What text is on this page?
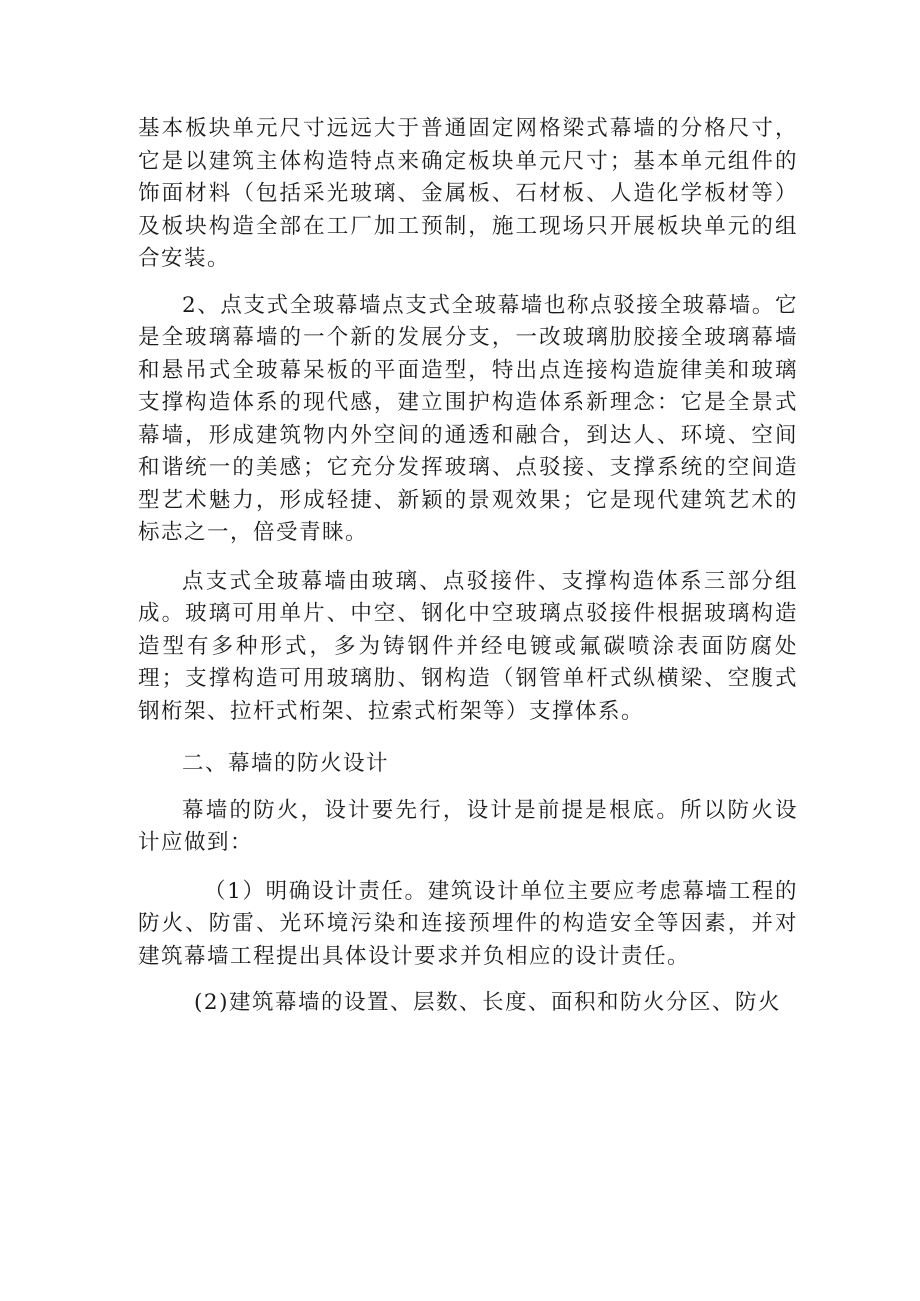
基本板块单元尺寸远远大于普通固定网格梁式幕墙的分格尺寸，它是以建筑主体构造特点来确定板块单元尺寸；基本单元组件的饰面材料（包括采光玻璃、金属板、石材板、人造化学板材等）及板块构造全部在工厂加工预制，施工现场只开展板块单元的组合安装。

2、点支式全玻幕墙点支式全玻幕墙也称点驳接全玻幕墙。它是全玻璃幕墙的一个新的发展分支，一改玻璃肋胶接全玻璃幕墙和悬吊式全玻幕呆板的平面造型，特出点连接构造旋律美和玻璃支撑构造体系的现代感，建立围护构造体系新理念：它是全景式幕墙，形成建筑物内外空间的通透和融合，到达人、环境、空间和谐统一的美感；它充分发挥玻璃、点驳接、支撑系统的空间造型艺术魅力，形成轻捷、新颖的景观效果；它是现代建筑艺术的标志之一，倍受青睐。

点支式全玻幕墙由玻璃、点驳接件、支撑构造体系三部分组成。玻璃可用单片、中空、钢化中空玻璃点驳接件根据玻璃构造造型有多种形式，多为铸钢件并经电镀或氟碳喷涂表面防腐处理；支撑构造可用玻璃肋、钢构造（钢管单杆式纵横梁、空腹式钢桁架、拉杆式桁架、拉索式桁架等）支撑体系。

二、幕墙的防火设计

幕墙的防火，设计要先行，设计是前提是根底。所以防火设计应做到：

（1）明确设计责任。建筑设计单位主要应考虑幕墙工程的防火、防雷、光环境污染和连接预埋件的构造安全等因素，并对建筑幕墙工程提出具体设计要求并负相应的设计责任。

(2)建筑幕墙的设置、层数、长度、面积和防火分区、防火
